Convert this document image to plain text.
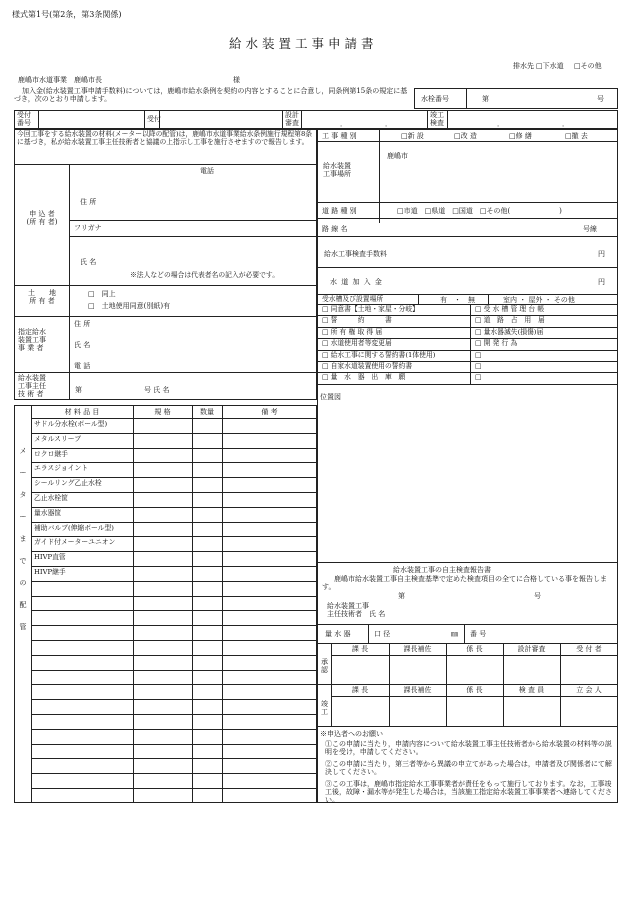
様式第1号(第2条，第3条関係)
給水装置工事申請書
排水先 □下水道 □その他
鹿嶋市水道事業　鹿嶋市長	様
加入金(給水装置工事申請手数料)については，鹿嶋市給水条例を契約の内容とすることに合意し，同条例第15条の規定に基づき，次のとおり申請します。	水栓番号	第	号
受付
番号
受付	設計
審査	．	．
竣工
検査	．	．
今回工事をする給水装置の材料(メーター以降の配管)は，鹿嶋市水道事業給水条例施行規程第8条に基づき，私が給水装置工事主任技術者と協議の上指示し工事を施行させますので報告します。
電話
申 込 者
(所 有 者)
住 所
フリガナ
氏 名
※法人などの場合は代表者名の記入が必要です。
土　　地
所 有 者
□　同上
□　土地使用同意(別紙)有
指定給水
装置工事
事 業 者
住 所
氏 名
電 話
給水装置
工事主任
技 術 者
第	号 氏 名
材 料 品 目	規 格	数量	備 考
メ ー タ ー ま で の 配 管
サドル分水栓(ボール型)
メタルスリーブ
ロクロ継手
エラスジョイント
シールリング乙止水栓
乙止水栓筐
量水器筐
補助バルブ(伸縮ボール型)
ガイド付メーターユニオン
HIVP直管
HIVP継手
工 事 種 別	□新 設	□改 造	□修 繕	□撤 去
給水装置
工事場所
鹿嶋市
道 路 種 別	□市道　□県道　□国道　□その他(　　　　　　　)
路 線 名	号線
給水工事検査手数料	円
水 道 加 入 金	円
受水槽及び設置場所	有　・　無	室内 ・ 屋外 ・ その他
□ 同意書【土地・家屋・分岐】	□ 受 水 槽 管 理 台 帳
□ 誓　　　約　　　書	□ 道　路　占　用　届
□ 所 有 権 取 得 届	□ 量水器滅失(損傷)届
□ 水道使用者等変更届	□ 開 発 行 為
□ 給水工事に関する誓約書(1体使用)	□
□ 自家水道装置使用の誓約書	□
□ 量　水　器　出　庫　願	□
位置図
給水装置工事の自主検査報告書
鹿嶋市給水装置工事自主検査基準で定めた検査項目の全てに合格している事を報告します。
第	号
給水装置工事
主任技術者　氏 名
量 水 器	口 径	㎜ 番 号
承
認
竣
工
課 長	課長補佐	係 長	設計審査	受 付 者
課 長	課長補佐	係 長	検 査 員	立 会 人
※申込者へのお願い
①この申請に当たり，申請内容について給水装置工事主任技術者から給水装置の材料等の説明を受け，申請してください。
②この申請に当たり，第三者等から異議の申立てがあった場合は，申請者及び関係者にて解決してください。
③この工事は，鹿嶋市指定給水工事事業者が責任をもって施行しております。なお，工事竣工後，故障・漏水等が発生した場合は，当該施工指定給水装置工事事業者へ連絡してください。
